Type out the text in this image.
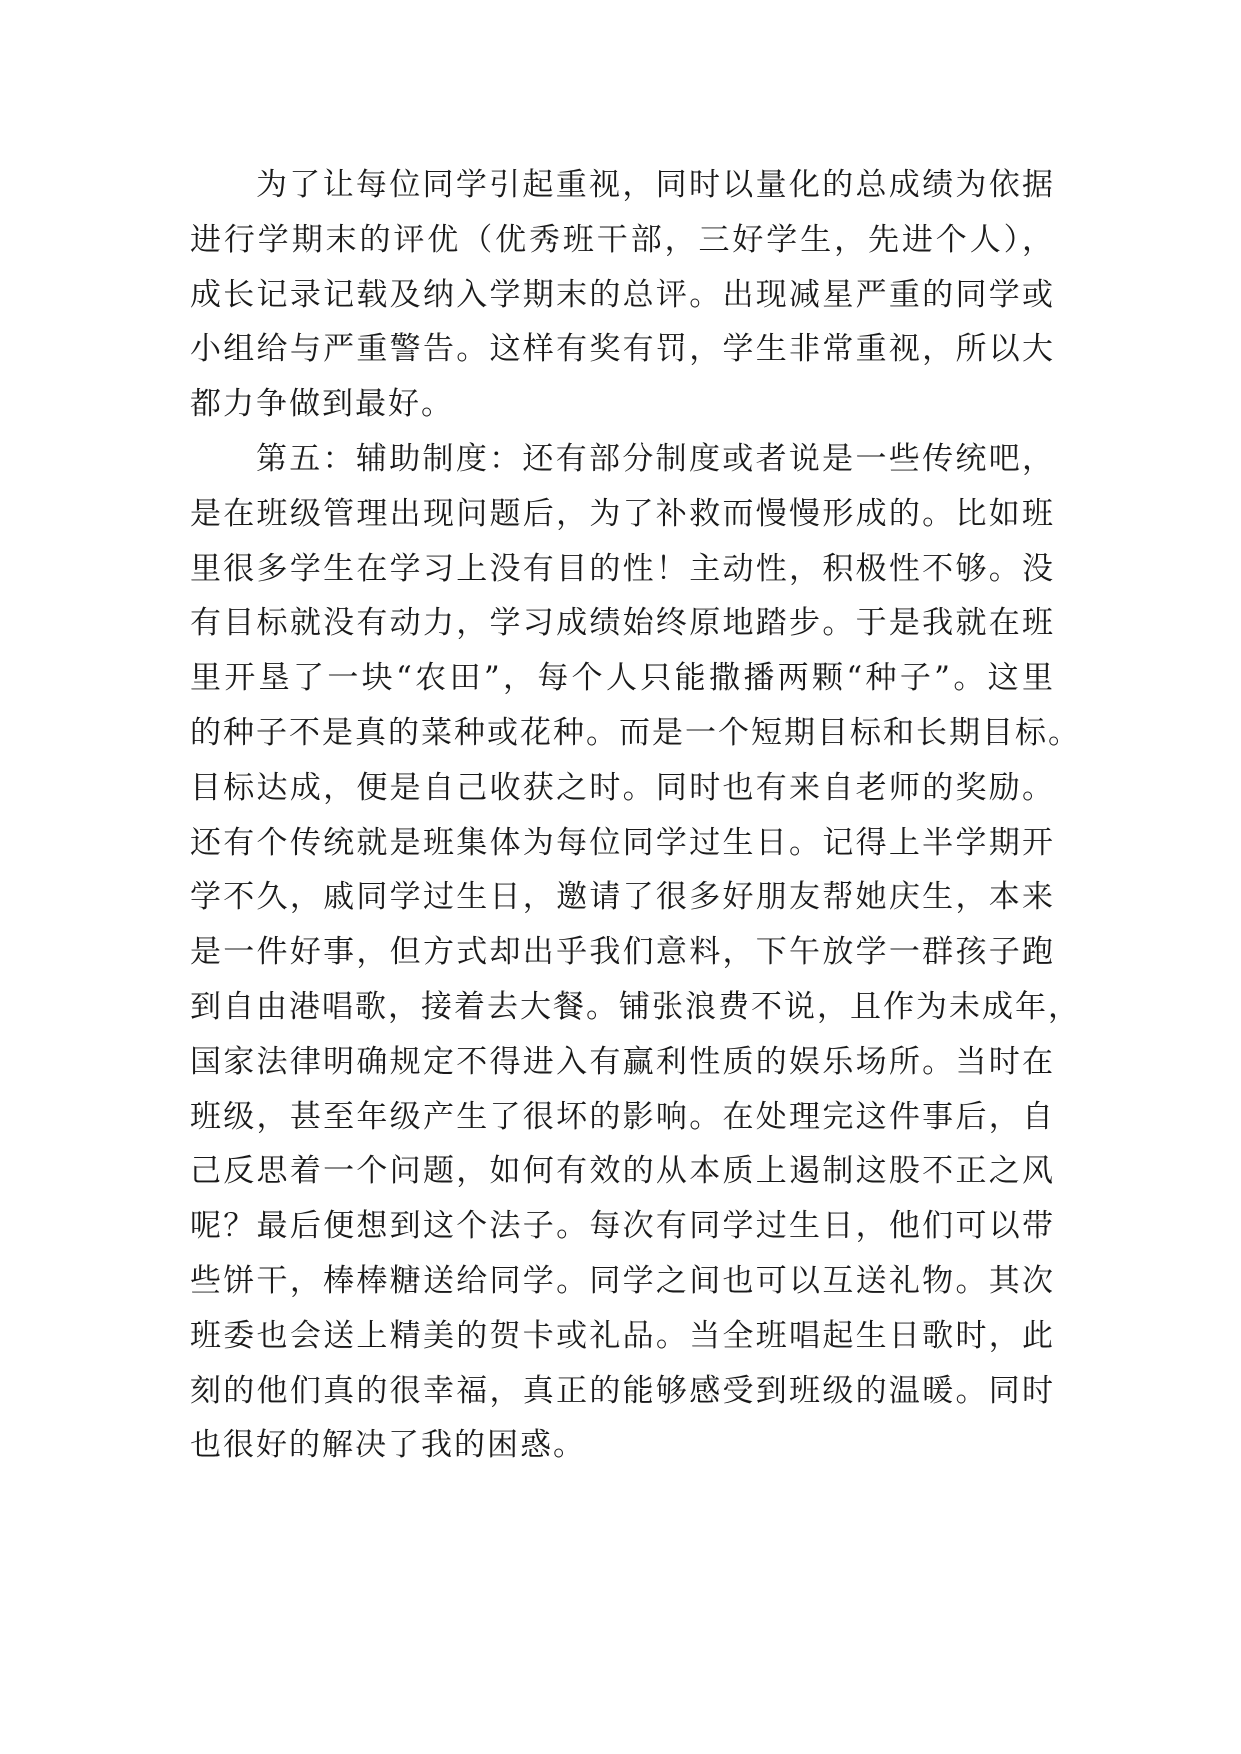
为了让每位同学引起重视，同时以量化的总成绩为依据
进行学期末的评优（优秀班干部，三好学生，先进个人），
成长记录记载及纳入学期末的总评。出现减星严重的同学或
小组给与严重警告。这样有奖有罚，学生非常重视，所以大
都力争做到最好。
第五：辅助制度：还有部分制度或者说是一些传统吧，
是在班级管理出现问题后，为了补救而慢慢形成的。比如班
里很多学生在学习上没有目的性！主动性，积极性不够。没
有目标就没有动力，学习成绩始终原地踏步。于是我就在班
里开垦了一块“农田”，每个人只能撒播两颗“种子”。这里
的种子不是真的菜种或花种。而是一个短期目标和长期目标。
目标达成，便是自己收获之时。同时也有来自老师的奖励。
还有个传统就是班集体为每位同学过生日。记得上半学期开
学不久，戚同学过生日，邀请了很多好朋友帮她庆生，本来
是一件好事，但方式却出乎我们意料，下午放学一群孩子跑
到自由港唱歌，接着去大餐。铺张浪费不说，且作为未成年，
国家法律明确规定不得进入有赢利性质的娱乐场所。当时在
班级，甚至年级产生了很坏的影响。在处理完这件事后，自
己反思着一个问题，如何有效的从本质上遏制这股不正之风
呢？最后便想到这个法子。每次有同学过生日，他们可以带
些饼干，棒棒糖送给同学。同学之间也可以互送礼物。其次
班委也会送上精美的贺卡或礼品。当全班唱起生日歌时，此
刻的他们真的很幸福，真正的能够感受到班级的温暖。同时
也很好的解决了我的困惑。
